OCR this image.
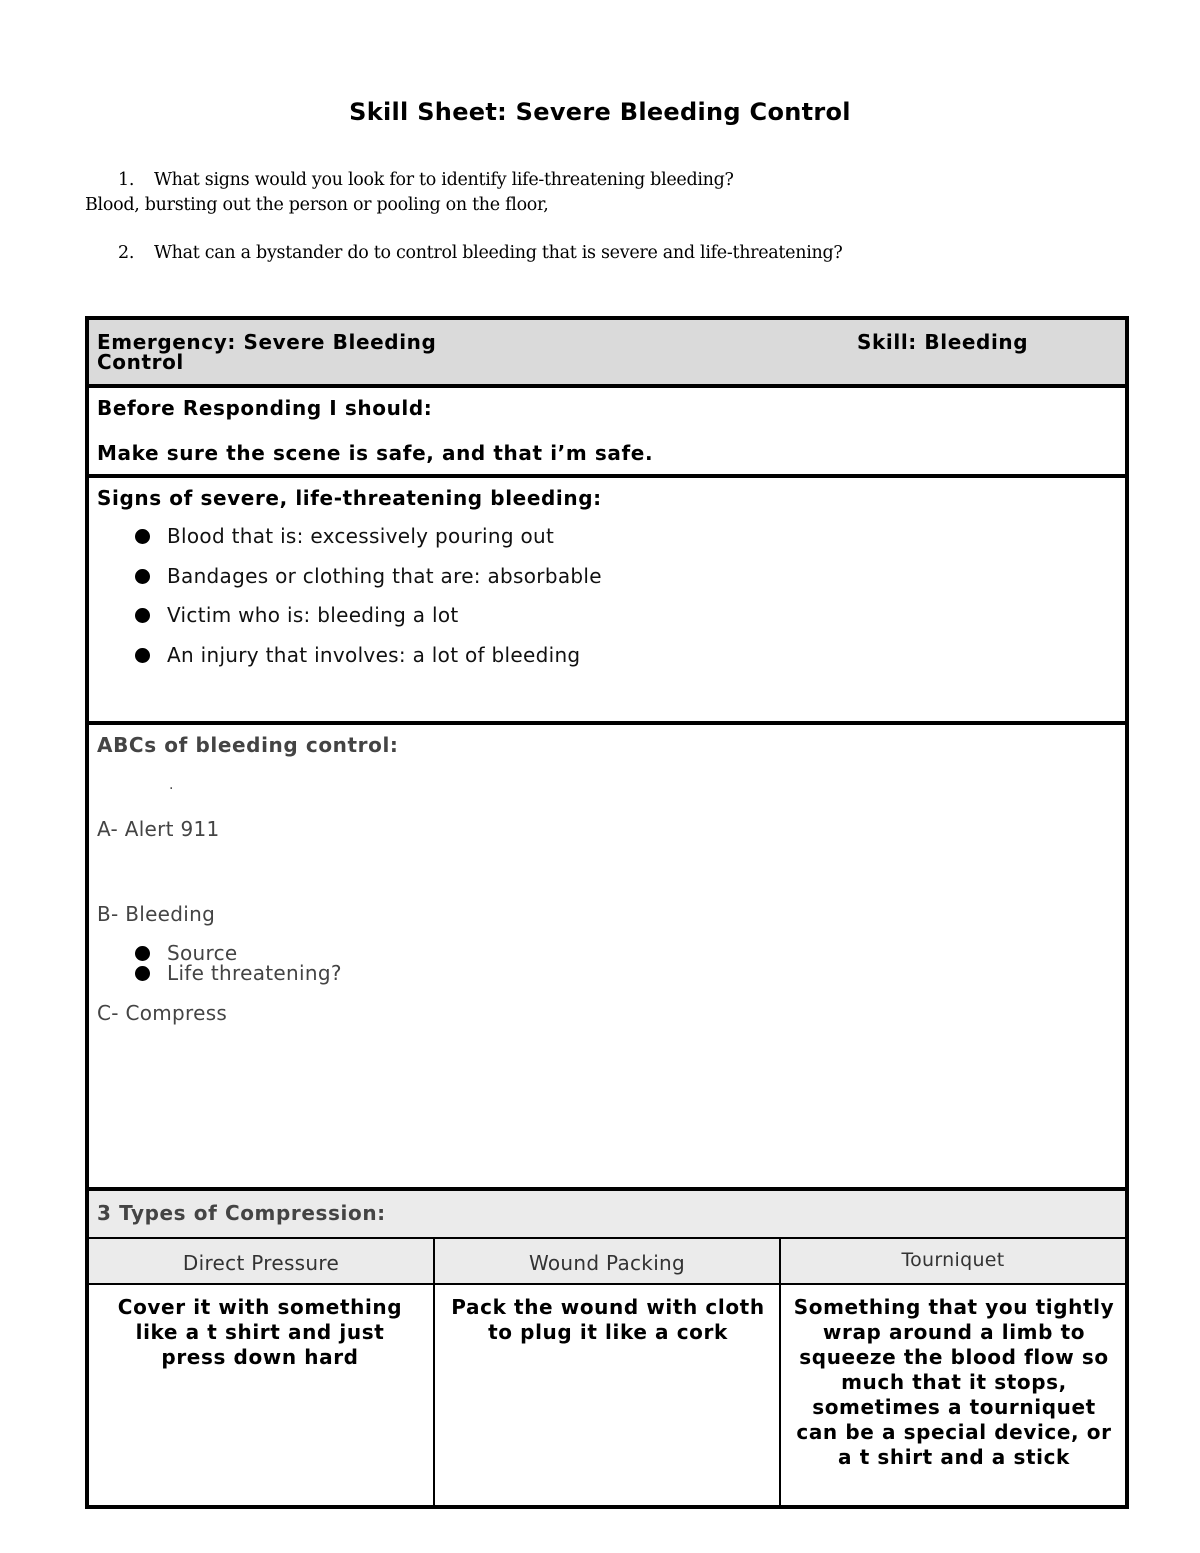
Skill Sheet: Severe Bleeding Control
1. What signs would you look for to identify life-threatening bleeding?
Blood, bursting out the person or pooling on the floor,
2. What can a bystander do to control bleeding that is severe and life-threatening?
Emergency: Severe Bleeding Control
Skill: Bleeding
Before Responding I should:
Make sure the scene is safe, and that i’m safe.
Signs of severe, life-threatening bleeding:
Blood that is: excessively pouring out
Bandages or clothing that are: absorbable
Victim who is: bleeding a lot
An injury that involves: a lot of bleeding
ABCs of bleeding control:
.
A- Alert 911
B- Bleeding
Source
Life threatening?
C- Compress
3 Types of Compression:
Direct Pressure	Wound Packing	Tourniquet
Cover it with something like a t shirt and just press down hard
Pack the wound with cloth to plug it like a cork
Something that you tightly wrap around a limb to squeeze the blood flow so much that it stops, sometimes a tourniquet can be a special device, or a t shirt and a stick
